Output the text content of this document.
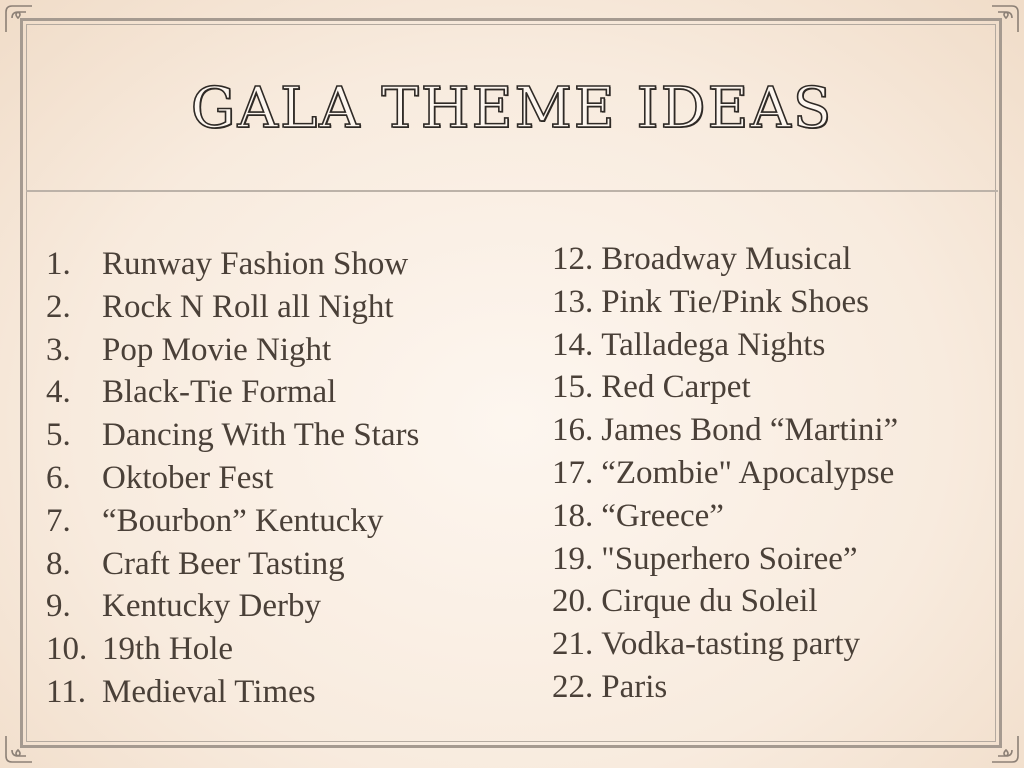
GALA THEME IDEAS
1. Runway Fashion Show
2. Rock N Roll all Night
3. Pop Movie Night
4. Black-Tie Formal
5. Dancing With The Stars
6. Oktober Fest
7. “Bourbon” Kentucky
8. Craft Beer Tasting
9. Kentucky Derby
10. 19th Hole
11. Medieval Times
12. Broadway Musical
13. Pink Tie/Pink Shoes
14. Talladega Nights
15. Red Carpet
16. James Bond “Martini”
17. “Zombie" Apocalypse
18. “Greece”
19. "Superhero Soiree”
20. Cirque du Soleil
21. Vodka-tasting party
22. Paris
